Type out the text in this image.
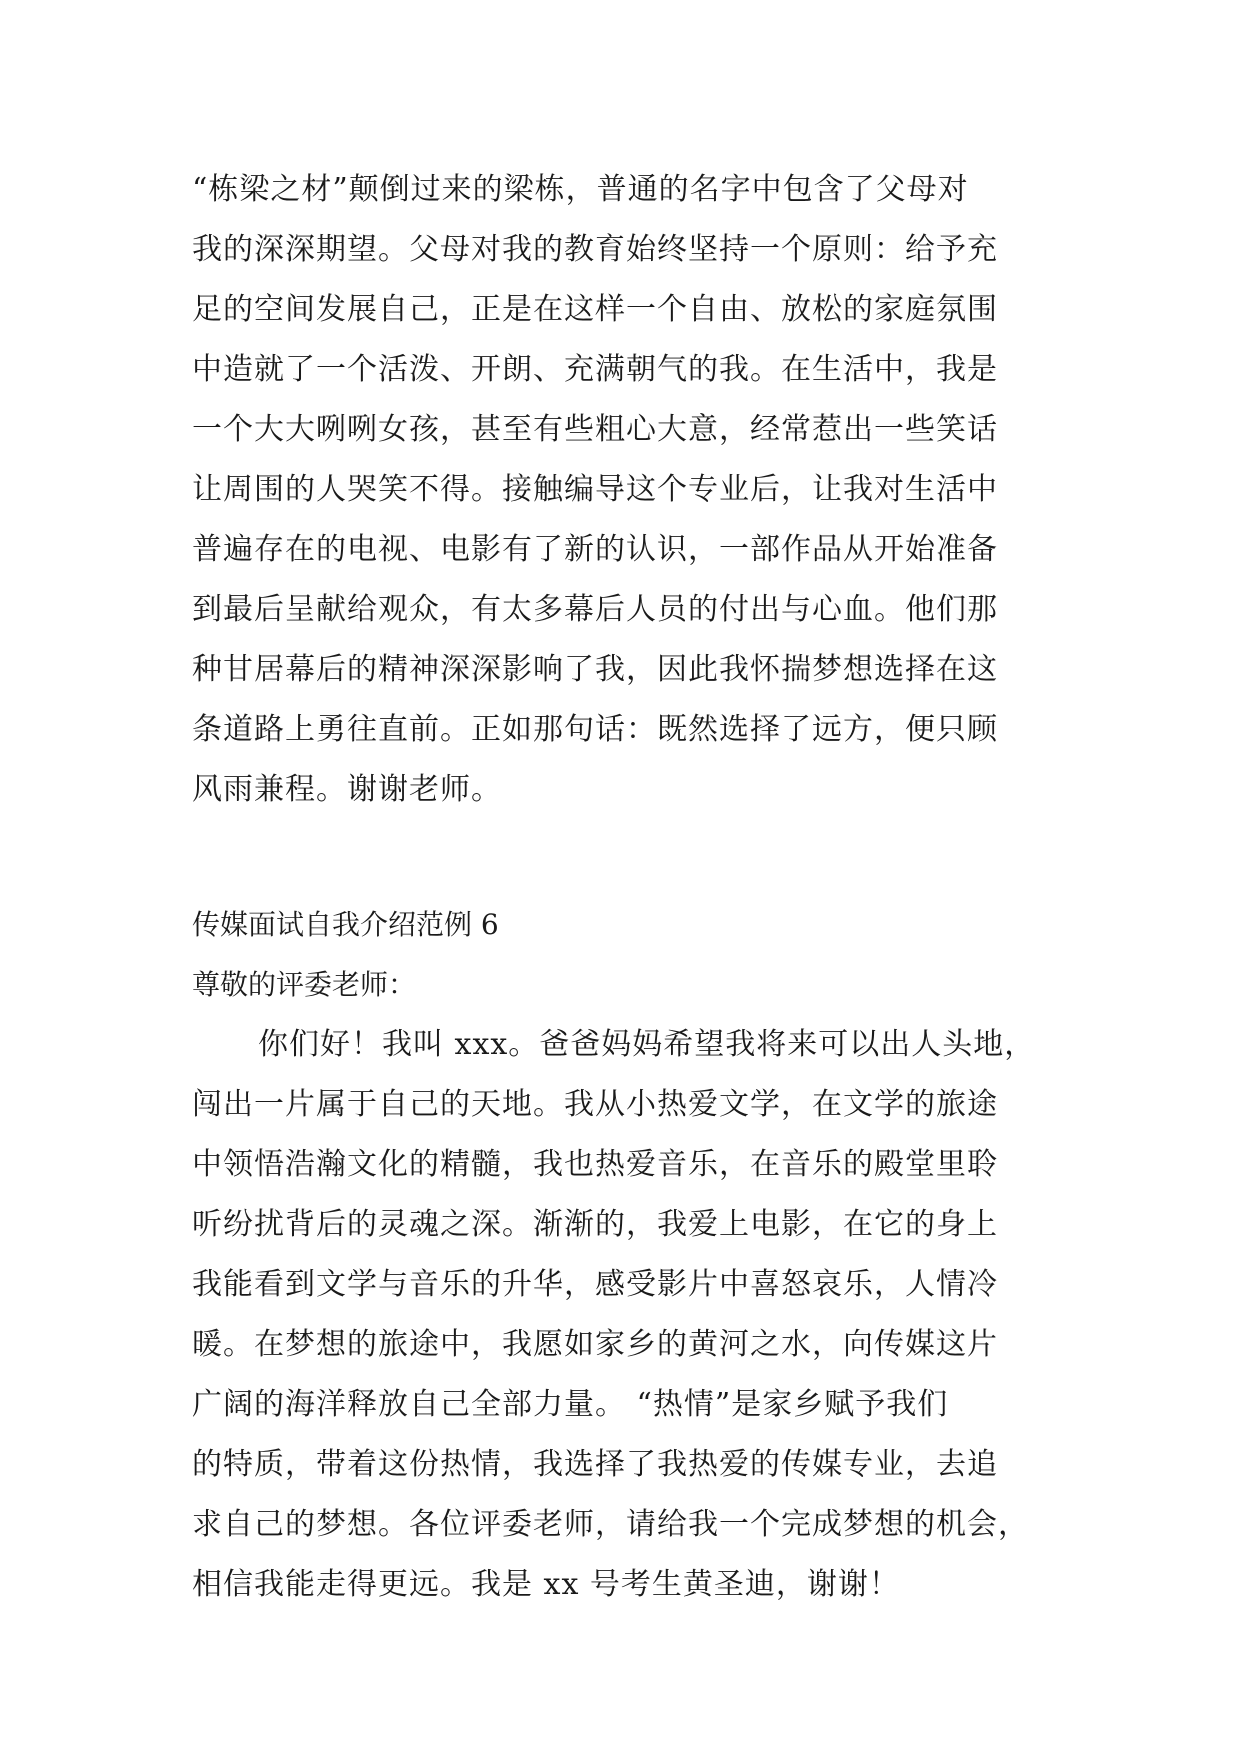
“栋梁之材”颠倒过来的梁栋，普通的名字中包含了父母对
我的深深期望。父母对我的教育始终坚持一个原则：给予充
足的空间发展自己，正是在这样一个自由、放松的家庭氛围
中造就了一个活泼、开朗、充满朝气的我。在生活中，我是
一个大大咧咧女孩，甚至有些粗心大意，经常惹出一些笑话
让周围的人哭笑不得。接触编导这个专业后，让我对生活中
普遍存在的电视、电影有了新的认识，一部作品从开始准备
到最后呈献给观众，有太多幕后人员的付出与心血。他们那
种甘居幕后的精神深深影响了我，因此我怀揣梦想选择在这
条道路上勇往直前。正如那句话：既然选择了远方，便只顾
风雨兼程。谢谢老师。
传媒面试自我介绍范例 6
尊敬的评委老师：
你们好！我叫 xxx。爸爸妈妈希望我将来可以出人头地，
闯出一片属于自己的天地。我从小热爱文学，在文学的旅途
中领悟浩瀚文化的精髓，我也热爱音乐，在音乐的殿堂里聆
听纷扰背后的灵魂之深。渐渐的，我爱上电影，在它的身上
我能看到文学与音乐的升华，感受影片中喜怒哀乐，人情冷
暖。在梦想的旅途中，我愿如家乡的黄河之水，向传媒这片
广阔的海洋释放自己全部力量。 “热情”是家乡赋予我们
的特质，带着这份热情，我选择了我热爱的传媒专业，去追
求自己的梦想。各位评委老师，请给我一个完成梦想的机会，
相信我能走得更远。我是 xx 号考生黄圣迪，谢谢！
